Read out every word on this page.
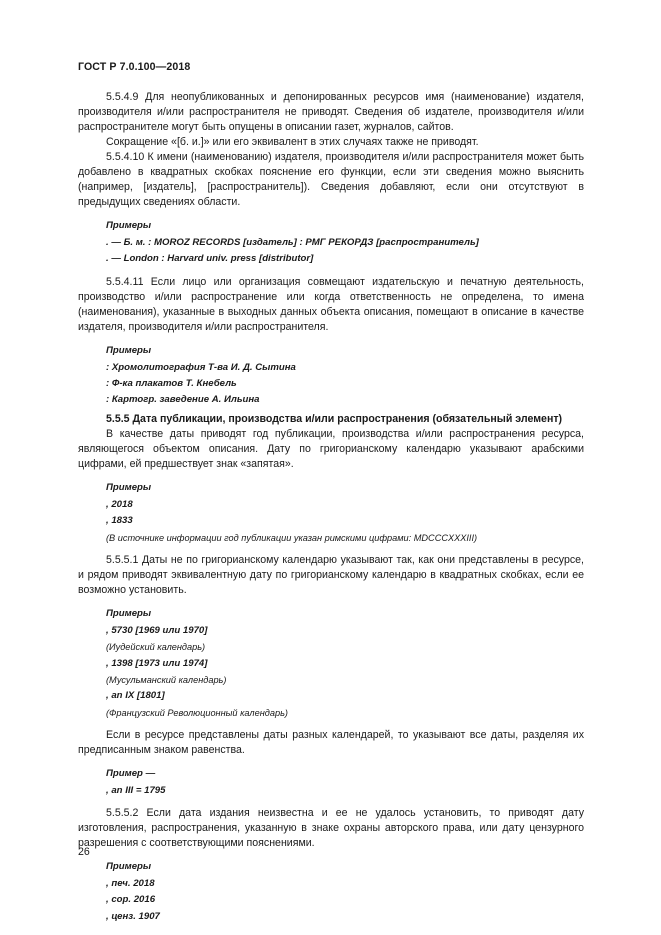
ГОСТ Р 7.0.100—2018

5.5.4.9 Для неопубликованных и депонированных ресурсов имя (наименование) издателя, производителя и/или распространителя не приводят. Сведения об издателе, производителя и/или распространителе могут быть опущены в описании газет, журналов, сайтов.

Сокращение «[б. и.]» или его эквивалент в этих случаях также не приводят.

5.5.4.10 К имени (наименованию) издателя, производителя и/или распространителя может быть добавлено в квадратных скобках пояснение его функции, если эти сведения можно выяснить (например, [издатель], [распространитель]). Сведения добавляют, если они отсутствуют в предыдущих сведениях области.

Примеры
. — Б. м. : MOROZ RECORDS [издатель] : РМГ РЕКОРДЗ [распространитель]
. — London : Harvard univ. press [distributor]

5.5.4.11 Если лицо или организация совмещают издательскую и печатную деятельность, производство и/или распространение или когда ответственность не определена, то имена (наименования), указанные в выходных данных объекта описания, помещают в описание в качестве издателя, производителя и/или распространителя.

Примеры
: Хромолитография Т-ва И. Д. Сытина
: Ф-ка плакатов Т. Кнебель
: Картогр. заведение А. Ильина
5.5.5 Дата публикации, производства и/или распространения (обязательный элемент)

В качестве даты приводят год публикации, производства и/или распространения ресурса, являющегося объектом описания. Дату по григорианскому календарю указывают арабскими цифрами, ей предшествует знак «запятая».

Примеры
, 2018
, 1833
(В источнике информации год публикации указан римскими цифрами: MDCCCXXXIII)

5.5.5.1 Даты не по григорианскому календарю указывают так, как они представлены в ресурсе, и рядом приводят эквивалентную дату по григорианскому календарю в квадратных скобках, если ее возможно установить.

Примеры
, 5730 [1969 или 1970]
(Иудейский календарь)
, 1398 [1973 или 1974]
(Мусульманский календарь)
, an IX [1801]
(Французский Революционный календарь)

Если в ресурсе представлены даты разных календарей, то указывают все даты, разделяя их предписанным знаком равенства.

Пример —
, an III = 1795

5.5.5.2 Если дата издания неизвестна и ее не удалось установить, то приводят дату изготовления, распространения, указанную в знаке охраны авторского права, или дату цензурного разрешения с соответствующими пояснениями.

Примеры
, печ. 2018
, cop. 2016
, ценз. 1907
26
